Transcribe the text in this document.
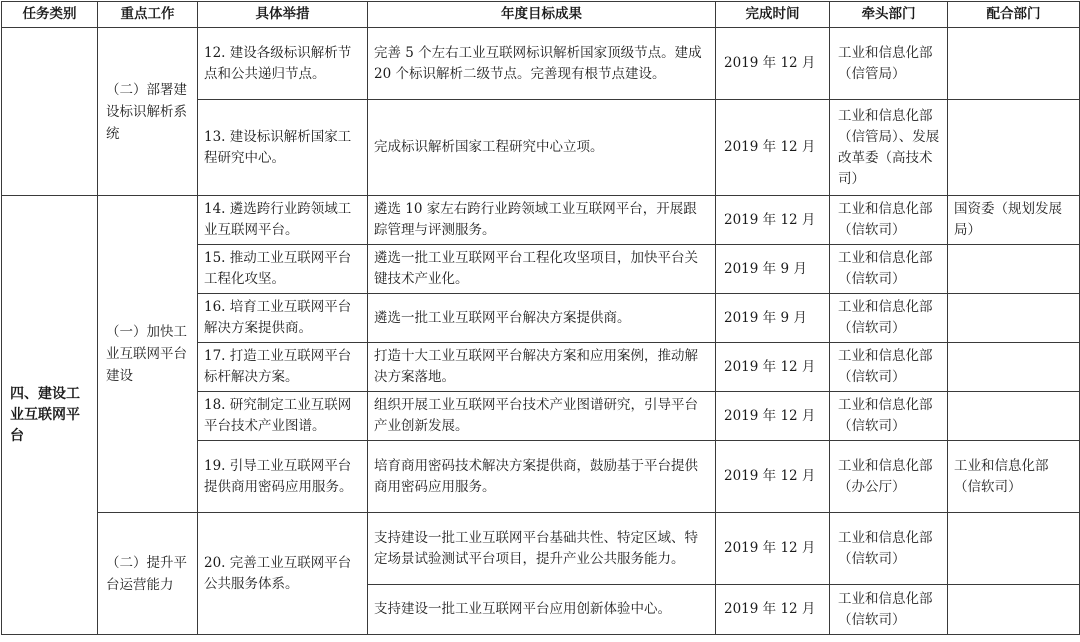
任务类别	重点工作	具体举措	年度目标成果	完成时间	牵头部门	配合部门
	（二）部署建设标识解析系统	12. 建设各级标识解析节点和公共递归节点。	完善 5 个左右工业互联网标识解析国家顶级节点。建成 20 个标识解析二级节点。完善现有根节点建设。	2019 年 12 月	工业和信息化部（信管局）	
		13. 建设标识解析国家工程研究中心。	完成标识解析国家工程研究中心立项。	2019 年 12 月	工业和信息化部（信管局）、发展改革委（高技术司）	
四、建设工业互联网平台	（一）加快工业互联网平台建设	14. 遴选跨行业跨领域工业互联网平台。	遴选 10 家左右跨行业跨领域工业互联网平台，开展跟踪管理与评测服务。	2019 年 12 月	工业和信息化部（信软司）	国资委（规划发展局）
		15. 推动工业互联网平台工程化攻坚。	遴选一批工业互联网平台工程化攻坚项目，加快平台关键技术产业化。	2019 年 9 月	工业和信息化部（信软司）	
		16. 培育工业互联网平台解决方案提供商。	遴选一批工业互联网平台解决方案提供商。	2019 年 9 月	工业和信息化部（信软司）	
		17. 打造工业互联网平台标杆解决方案。	打造十大工业互联网平台解决方案和应用案例，推动解决方案落地。	2019 年 12 月	工业和信息化部（信软司）	
		18. 研究制定工业互联网平台技术产业图谱。	组织开展工业互联网平台技术产业图谱研究，引导平台产业创新发展。	2019 年 12 月	工业和信息化部（信软司）	
		19. 引导工业互联网平台提供商用密码应用服务。	培育商用密码技术解决方案提供商，鼓励基于平台提供商用密码应用服务。	2019 年 12 月	工业和信息化部（办公厅）	工业和信息化部（信软司）
	（二）提升平台运营能力	20. 完善工业互联网平台公共服务体系。	支持建设一批工业互联网平台基础共性、特定区域、特定场景试验测试平台项目，提升产业公共服务能力。	2019 年 12 月	工业和信息化部（信软司）	
			支持建设一批工业互联网平台应用创新体验中心。	2019 年 12 月	工业和信息化部（信软司）	
